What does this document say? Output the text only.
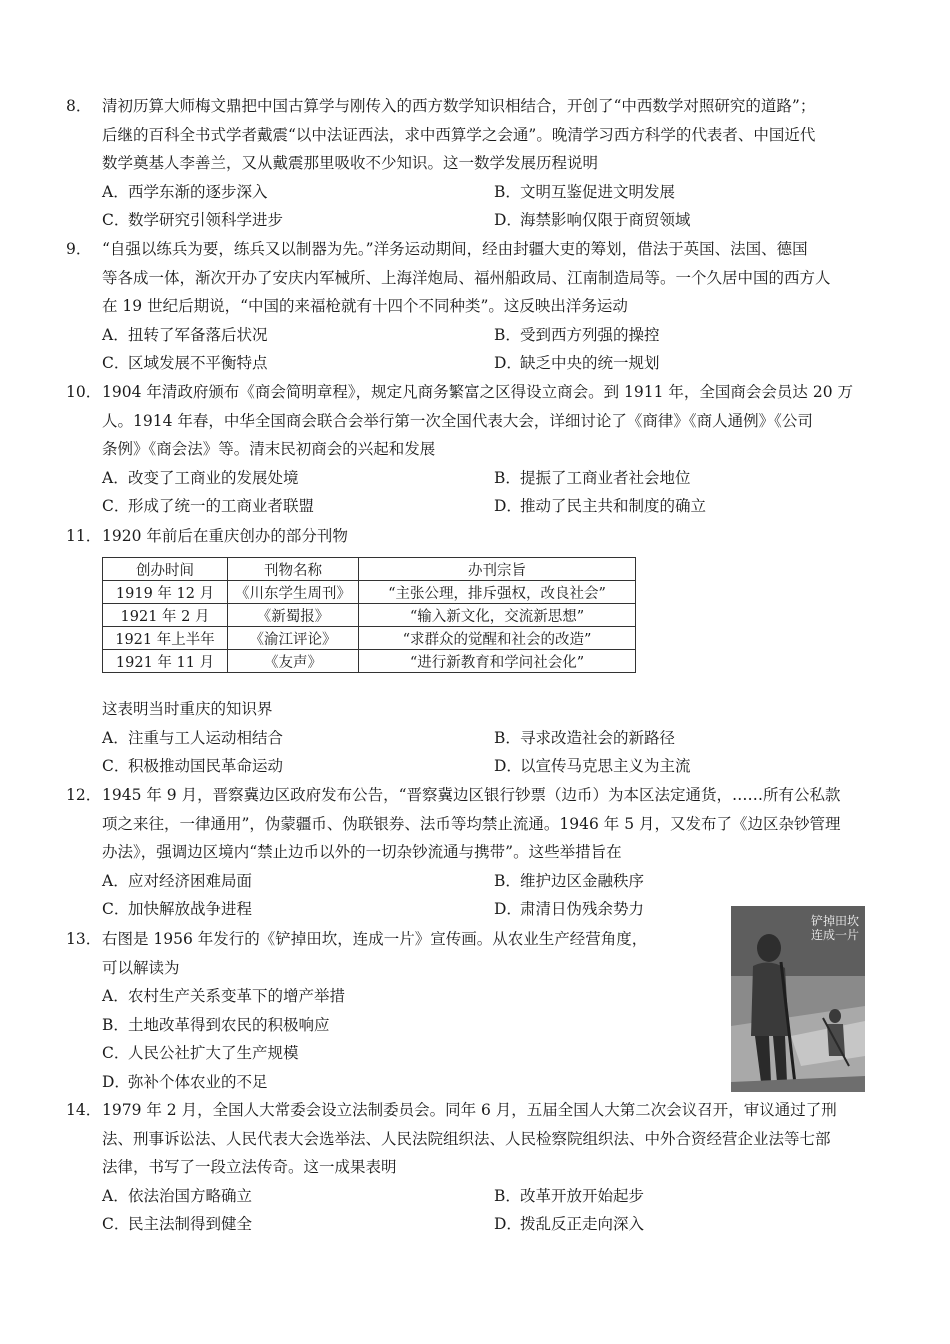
8． 清初历算大师梅文鼎把中国古算学与刚传入的西方数学知识相结合，开创了“中西数学对照研究的道路”；
后继的百科全书式学者戴震“以中法证西法，求中西算学之会通”。晚清学习西方科学的代表者、中国近代
数学奠基人李善兰，又从戴震那里吸收不少知识。这一数学发展历程说明
A．西学东渐的逐步深入	B．文明互鉴促进文明发展
C．数学研究引领科学进步	D．海禁影响仅限于商贸领域
9． “自强以练兵为要，练兵又以制器为先。”洋务运动期间，经由封疆大吏的筹划，借法于英国、法国、德国
等各成一体，渐次开办了安庆内军械所、上海洋炮局、福州船政局、江南制造局等。一个久居中国的西方人
在 19 世纪后期说，“中国的来福枪就有十四个不同种类”。这反映出洋务运动
A．扭转了军备落后状况	B．受到西方列强的操控
C．区域发展不平衡特点	D．缺乏中央的统一规划
10．1904 年清政府颁布《商会简明章程》，规定凡商务繁富之区得设立商会。到 1911 年，全国商会会员达 20 万
人。1914 年春，中华全国商会联合会举行第一次全国代表大会，详细讨论了《商律》《商人通例》《公司
条例》《商会法》等。清末民初商会的兴起和发展
A．改变了工商业的发展处境	B．提振了工商业者社会地位
C．形成了统一的工商业者联盟	D．推动了民主共和制度的确立
11．1920 年前后在重庆创办的部分刊物
创办时间	刊物名称	办刊宗旨
1919 年 12 月	《川东学生周刊》	“主张公理，排斥强权，改良社会”
1921 年 2 月	《新蜀报》	“输入新文化，交流新思想”
1921 年上半年	《渝江评论》	“求群众的觉醒和社会的改造”
1921 年 11 月	《友声》	“进行新教育和学问社会化”
这表明当时重庆的知识界
A．注重与工人运动相结合	B．寻求改造社会的新路径
C．积极推动国民革命运动	D．以宣传马克思主义为主流
12．1945 年 9 月，晋察冀边区政府发布公告，“晋察冀边区银行钞票（边币）为本区法定通货，……所有公私款
项之来往，一律通用”，伪蒙疆币、伪联银券、法币等均禁止流通。1946 年 5 月，又发布了《边区杂钞管理
办法》，强调边区境内“禁止边币以外的一切杂钞流通与携带”。这些举措旨在
A．应对经济困难局面	B．维护边区金融秩序
C．加快解放战争进程	D．肃清日伪残余势力
13．右图是 1956 年发行的《铲掉田坎，连成一片》宣传画。从农业生产经营角度，
可以解读为
A．农村生产关系变革下的增产举措
B．土地改革得到农民的积极响应
C．人民公社扩大了生产规模
D．弥补个体农业的不足
铲掉田坎
连成一片
14．1979 年 2 月，全国人大常委会设立法制委员会。同年 6 月，五届全国人大第二次会议召开，审议通过了刑
法、刑事诉讼法、人民代表大会选举法、人民法院组织法、人民检察院组织法、中外合资经营企业法等七部
法律，书写了一段立法传奇。这一成果表明
A．依法治国方略确立	B．改革开放开始起步
C．民主法制得到健全	D．拨乱反正走向深入
